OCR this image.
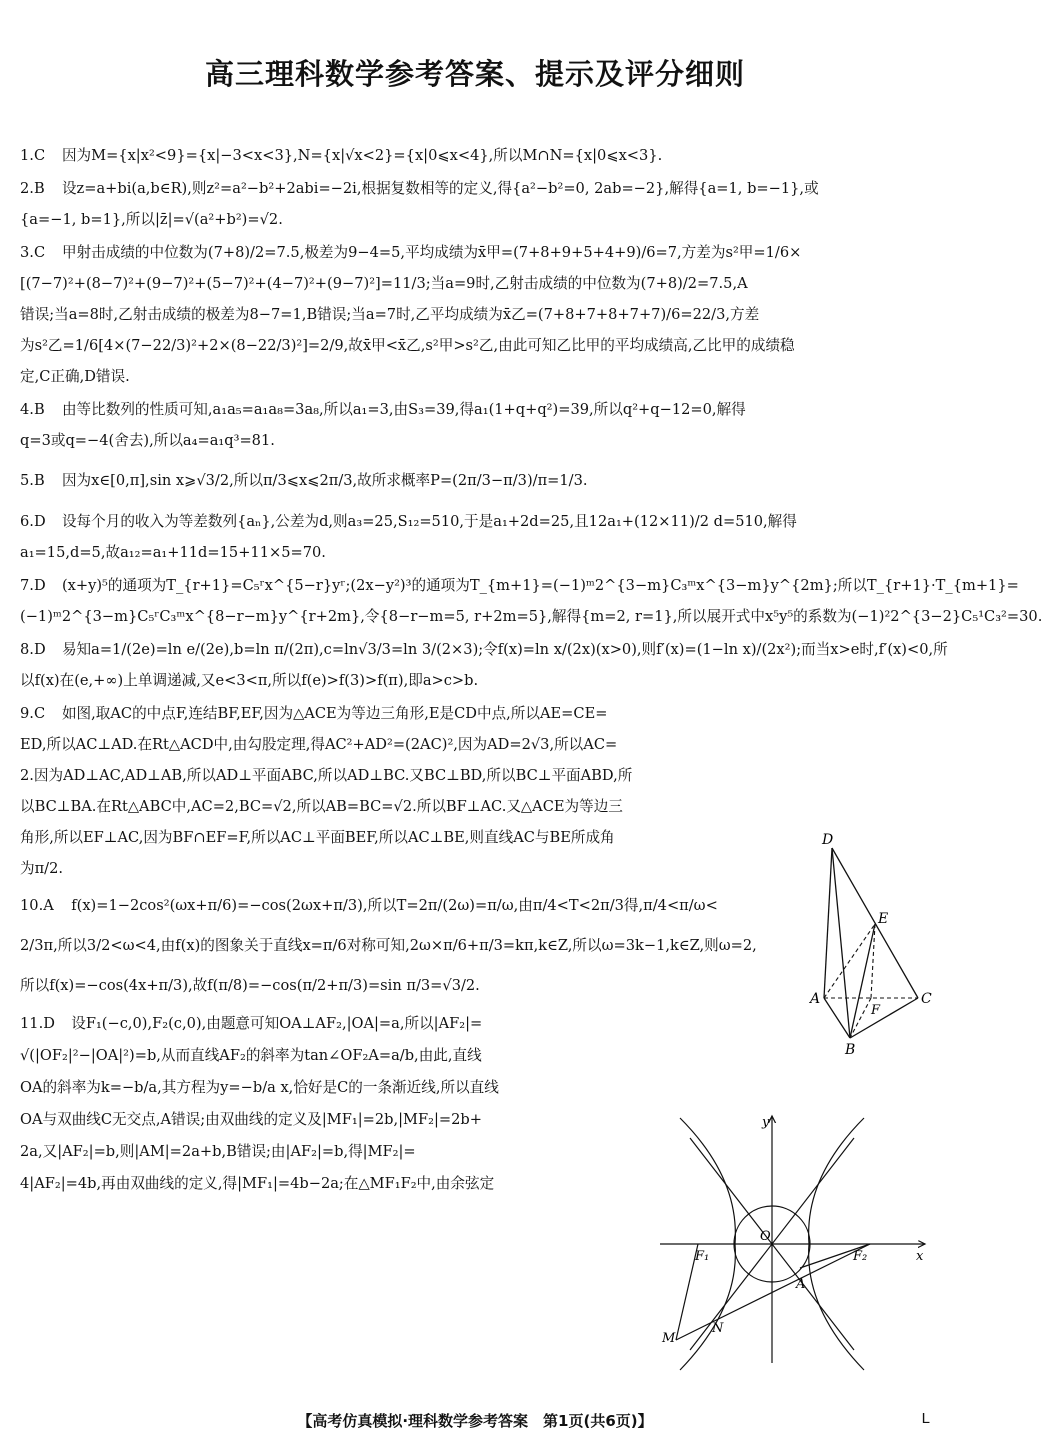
高三理科数学参考答案、提示及评分细则
1.C 因为M={x|x²<9}={x|−3<x<3},N={x|√x<2}={x|0⩽x<4},所以M∩N={x|0⩽x<3}.
2.B 设z=a+bi(a,b∈R),则z²=a²−b²+2abi=−2i,根据复数相等的定义,得{a²−b²=0, 2ab=−2},解得{a=1, b=−1},或
{a=−1, b=1},所以|z̄|=√(a²+b²)=√2.
3.C 甲射击成绩的中位数为(7+8)/2=7.5,极差为9−4=5,平均成绩为x̄甲=(7+8+9+5+4+9)/6=7,方差为s²甲=1/6×
[(7−7)²+(8−7)²+(9−7)²+(5−7)²+(4−7)²+(9−7)²]=11/3;当a=9时,乙射击成绩的中位数为(7+8)/2=7.5,A
错误;当a=8时,乙射击成绩的极差为8−7=1,B错误;当a=7时,乙平均成绩为x̄乙=(7+8+7+8+7+7)/6=22/3,方差
为s²乙=1/6[4×(7−22/3)²+2×(8−22/3)²]=2/9,故x̄甲<x̄乙,s²甲>s²乙,由此可知乙比甲的平均成绩高,乙比甲的成绩稳
定,C正确,D错误.
4.B 由等比数列的性质可知,a₁a₅=a₁a₈=3a₈,所以a₁=3,由S₃=39,得a₁(1+q+q²)=39,所以q²+q−12=0,解得
q=3或q=−4(舍去),所以a₄=a₁q³=81.
5.B 因为x∈[0,π],sin x⩾√3/2,所以π/3⩽x⩽2π/3,故所求概率P=(2π/3−π/3)/π=1/3.
6.D 设每个月的收入为等差数列{aₙ},公差为d,则a₃=25,S₁₂=510,于是a₁+2d=25,且12a₁+(12×11)/2 d=510,解得
a₁=15,d=5,故a₁₂=a₁+11d=15+11×5=70.
7.D (x+y)⁵的通项为T_{r+1}=C₅ʳx^{5−r}yʳ;(2x−y²)³的通项为T_{m+1}=(−1)ᵐ2^{3−m}C₃ᵐx^{3−m}y^{2m};所以T_{r+1}·T_{m+1}=
(−1)ᵐ2^{3−m}C₅ʳC₃ᵐx^{8−r−m}y^{r+2m},令{8−r−m=5, r+2m=5},解得{m=2, r=1},所以展开式中x⁵y⁵的系数为(−1)²2^{3−2}C₅¹C₃²=30.
8.D 易知a=1/(2e)=ln e/(2e),b=ln π/(2π),c=ln√3/3=ln 3/(2×3);令f(x)=ln x/(2x)(x>0),则f′(x)=(1−ln x)/(2x²);而当x>e时,f′(x)<0,所
以f(x)在(e,+∞)上单调递减,又e<3<π,所以f(e)>f(3)>f(π),即a>c>b.
9.C 如图,取AC的中点F,连结BF,EF,因为△ACE为等边三角形,E是CD中点,所以AE=CE=
ED,所以AC⊥AD.在Rt△ACD中,由勾股定理,得AC²+AD²=(2AC)²,因为AD=2√3,所以AC=
2.因为AD⊥AC,AD⊥AB,所以AD⊥平面ABC,所以AD⊥BC.又BC⊥BD,所以BC⊥平面ABD,所
以BC⊥BA.在Rt△ABC中,AC=2,BC=√2,所以AB=BC=√2.所以BF⊥AC.又△ACE为等边三
角形,所以EF⊥AC,因为BF∩EF=F,所以AC⊥平面BEF,所以AC⊥BE,则直线AC与BE所成角
为π/2.
10.A f(x)=1−2cos²(ωx+π/6)=−cos(2ωx+π/3),所以T=2π/(2ω)=π/ω,由π/4<T<2π/3得,π/4<π/ω<
2/3π,所以3/2<ω<4,由f(x)的图象关于直线x=π/6对称可知,2ω×π/6+π/3=kπ,k∈Z,所以ω=3k−1,k∈Z,则ω=2,
所以f(x)=−cos(4x+π/3),故f(π/8)=−cos(π/2+π/3)=sin π/3=√3/2.
11.D 设F₁(−c,0),F₂(c,0),由题意可知OA⊥AF₂,|OA|=a,所以|AF₂|=
√(|OF₂|²−|OA|²)=b,从而直线AF₂的斜率为tan∠OF₂A=a/b,由此,直线
OA的斜率为k=−b/a,其方程为y=−b/a x,恰好是C的一条渐近线,所以直线
OA与双曲线C无交点,A错误;由双曲线的定义及|MF₁|=2b,|MF₂|=2b+
2a,又|AF₂|=b,则|AM|=2a+b,B错误;由|AF₂|=b,得|MF₂|=
4|AF₂|=4b,再由双曲线的定义,得|MF₁|=4b−2a;在△MF₁F₂中,由余弦定
D
E
A
F
C
B
y
O
x
F₁	F₂
A
M
N
【高考仿真模拟·理科数学参考答案　第1页(共6页)】	L
